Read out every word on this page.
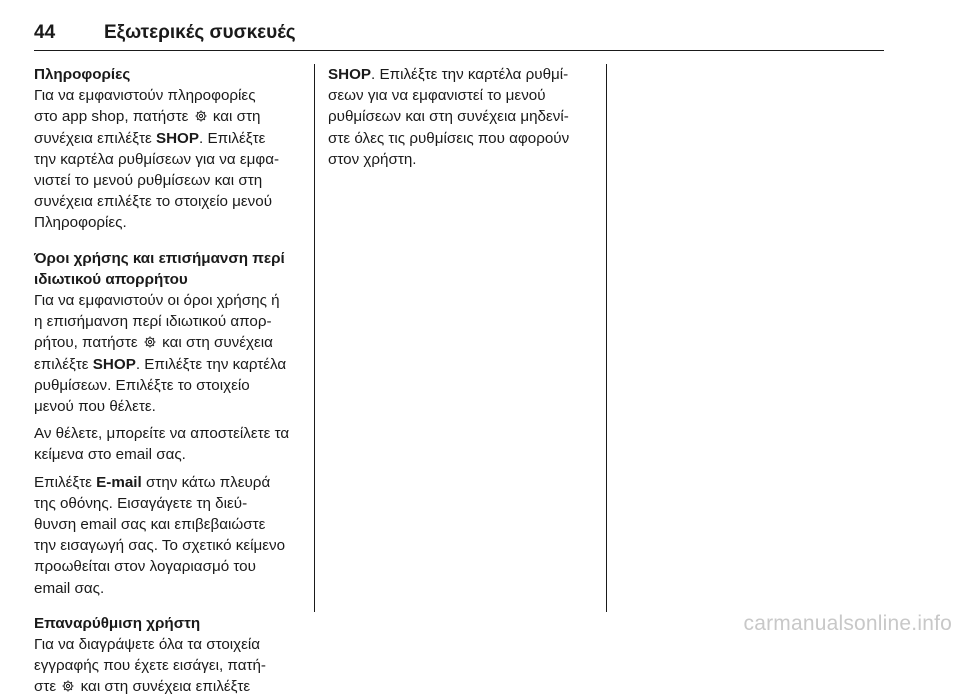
44	Εξωτερικές συσκευές
Πληροφορίες
Για να εμφανιστούν πληροφορίες
στο app shop, πατήστε και στη
συνέχεια επιλέξτε SHOP. Επιλέξτε
την καρτέλα ρυθμίσεων για να εμφα-
νιστεί το μενού ρυθμίσεων και στη
συνέχεια επιλέξτε το στοιχείο μενού
Πληροφορίες.
Όροι χρήσης και επισήμανση περί
ιδιωτικού απορρήτου
Για να εμφανιστούν οι όροι χρήσης ή
η επισήμανση περί ιδιωτικού απορ-
ρήτου, πατήστε και στη συνέχεια
επιλέξτε SHOP. Επιλέξτε την καρτέλα
ρυθμίσεων. Επιλέξτε το στοιχείο
μενού που θέλετε.
Αν θέλετε, μπορείτε να αποστείλετε τα
κείμενα στο email σας.
Επιλέξτε E-mail στην κάτω πλευρά
της οθόνης. Εισαγάγετε τη διεύ-
θυνση email σας και επιβεβαιώστε
την εισαγωγή σας. Το σχετικό κείμενο
προωθείται στον λογαριασμό του
email σας.
Επαναρύθμιση χρήστη
Για να διαγράψετε όλα τα στοιχεία
εγγραφής που έχετε εισάγει, πατή-
στε και στη συνέχεια επιλέξτε
SHOP. Επιλέξτε την καρτέλα ρυθμί-
σεων για να εμφανιστεί το μενού
ρυθμίσεων και στη συνέχεια μηδενί-
στε όλες τις ρυθμίσεις που αφορούν
στον χρήστη.
carmanualsonline.info
